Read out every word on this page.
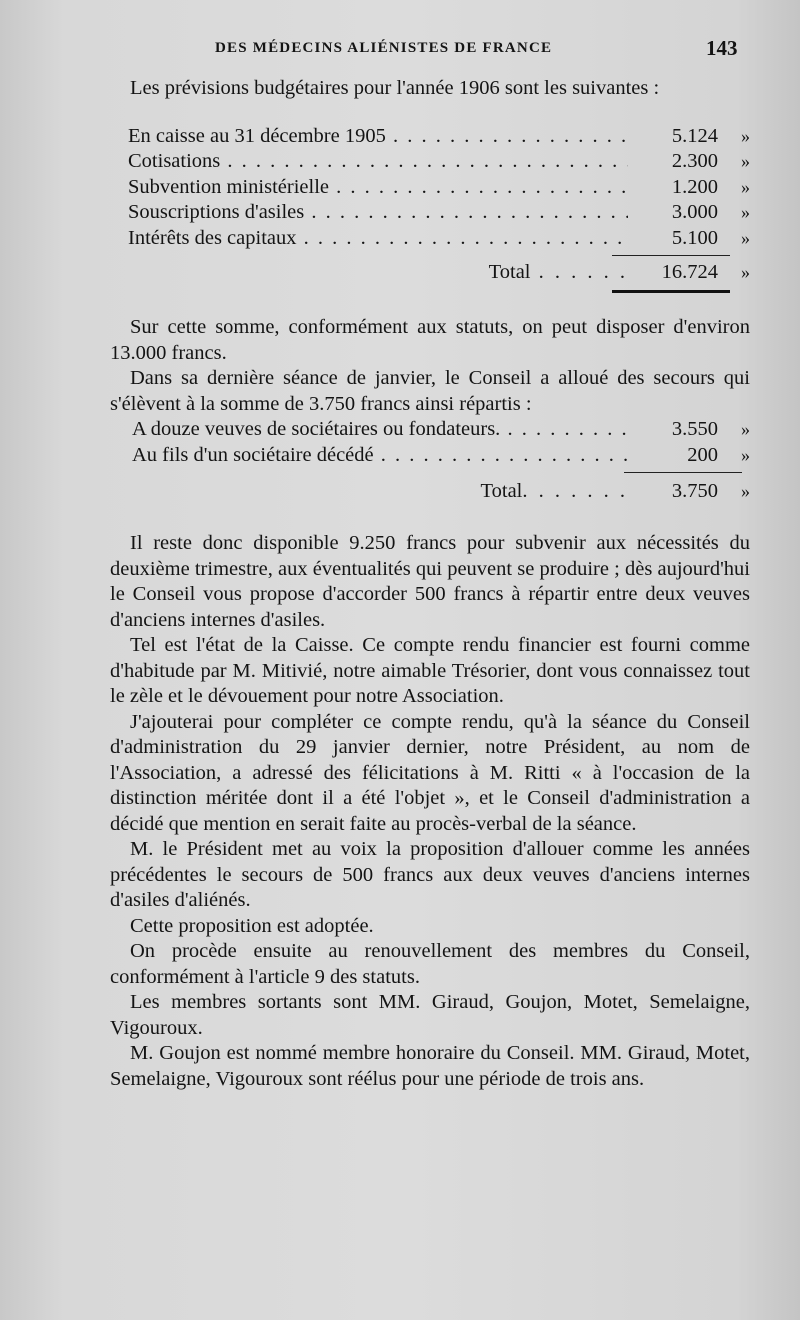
DES MÉDECINS ALIÉNISTES DE FRANCE	143

Les prévisions budgétaires pour l'année 1906 sont les suivantes :

En caisse au 31 décembre 1905 . . .	5.124	»
Cotisations . . .	2.300	»
Subvention ministérielle . . .	1.200	»
Souscriptions d'asiles . . .	3.000	»
Intérêts des capitaux . . .	5.100	»
Total . . . . . .	16.724	»

Sur cette somme, conformément aux statuts, on peut disposer d'environ 13.000 francs.

Dans sa dernière séance de janvier, le Conseil a alloué des secours qui s'élèvent à la somme de 3.750 francs ainsi répartis :

A douze veuves de sociétaires ou fondateurs. . . .	3.550	»
Au fils d'un sociétaire décédé . . .	200	»
Total. . . . . . .	3.750	»

Il reste donc disponible 9.250 francs pour subvenir aux nécessités du deuxième trimestre, aux éventualités qui peuvent se produire ; dès aujourd'hui le Conseil vous propose d'accorder 500 francs à répartir entre deux veuves d'anciens internes d'asiles.

Tel est l'état de la Caisse. Ce compte rendu financier est fourni comme d'habitude par M. Mitivié, notre aimable Trésorier, dont vous connaissez tout le zèle et le dévouement pour notre Association.

J'ajouterai pour compléter ce compte rendu, qu'à la séance du Conseil d'administration du 29 janvier dernier, notre Président, au nom de l'Association, a adressé des félicitations à M. Ritti « à l'occasion de la distinction méritée dont il a été l'objet », et le Conseil d'administration a décidé que mention en serait faite au procès-verbal de la séance.

M. le Président met au voix la proposition d'allouer comme les années précédentes le secours de 500 francs aux deux veuves d'anciens internes d'asiles d'aliénés.

Cette proposition est adoptée.

On procède ensuite au renouvellement des membres du Conseil, conformément à l'article 9 des statuts.

Les membres sortants sont MM. Giraud, Goujon, Motet, Semelaigne, Vigouroux.

M. Goujon est nommé membre honoraire du Conseil. MM. Giraud, Motet, Semelaigne, Vigouroux sont réélus pour une période de trois ans.
